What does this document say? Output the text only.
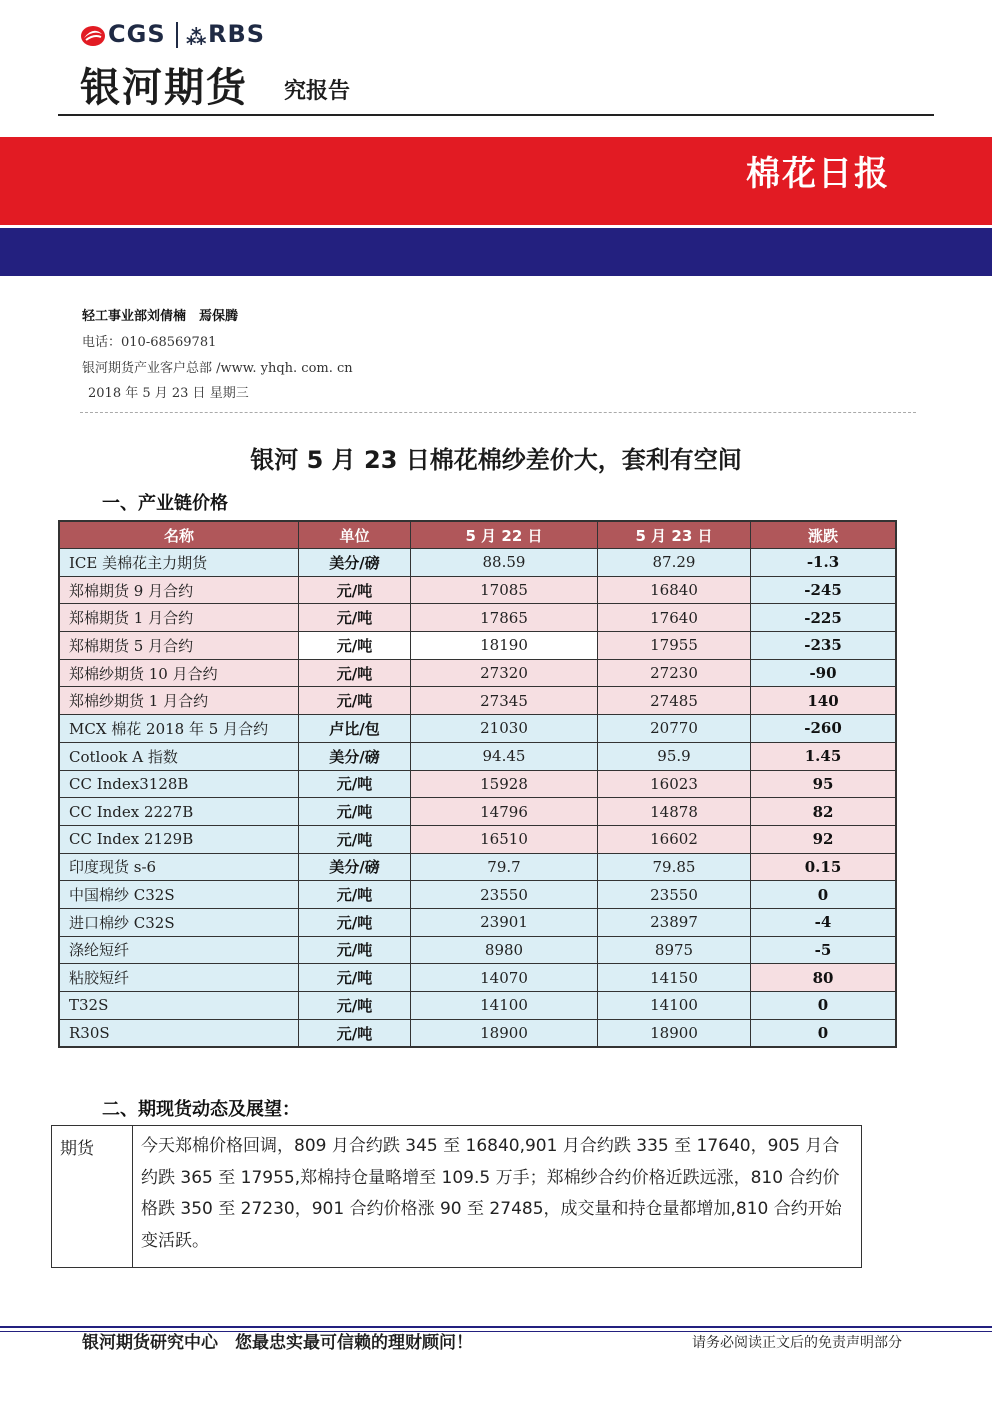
CGS ⁂ RBS
银河期货 究报告
棉花日报
轻工事业部刘倩楠　焉保腾
电话：010-68569781
银河期货产业客户总部 /www. yhqh. com. cn
2018 年 5 月 23 日 星期三
银河 5 月 23 日棉花棉纱差价大，套利有空间
一、产业链价格
名称	单位	5 月 22 日	5 月 23 日	涨跌
ICE 美棉花主力期货	美分/磅	88.59	87.29	-1.3
郑棉期货 9 月合约	元/吨	17085	16840	-245
郑棉期货 1 月合约	元/吨	17865	17640	-225
郑棉期货 5 月合约	元/吨	18190	17955	-235
郑棉纱期货 10 月合约	元/吨	27320	27230	-90
郑棉纱期货 1 月合约	元/吨	27345	27485	140
MCX 棉花 2018 年 5 月合约	卢比/包	21030	20770	-260
Cotlook A 指数	美分/磅	94.45	95.9	1.45
CC Index3128B	元/吨	15928	16023	95
CC Index 2227B	元/吨	14796	14878	82
CC Index 2129B	元/吨	16510	16602	92
印度现货 s-6	美分/磅	79.7	79.85	0.15
中国棉纱 C32S	元/吨	23550	23550	0
进口棉纱 C32S	元/吨	23901	23897	-4
涤纶短纤	元/吨	8980	8975	-5
粘胶短纤	元/吨	14070	14150	80
T32S	元/吨	14100	14100	0
R30S	元/吨	18900	18900	0
二、期现货动态及展望：
期货	今天郑棉价格回调，809 月合约跌 345 至 16840,901 月合约跌 335 至 17640，905 月合约跌 365 至 17955,郑棉持仓量略增至 109.5 万手；郑棉纱合约价格近跌远涨，810 合约价格跌 350 至 27230，901 合约价格涨 90 至 27485，成交量和持仓量都增加,810 合约开始变活跃。
银河期货研究中心　您最忠实最可信赖的理财顾问！	请务必阅读正文后的免责声明部分
